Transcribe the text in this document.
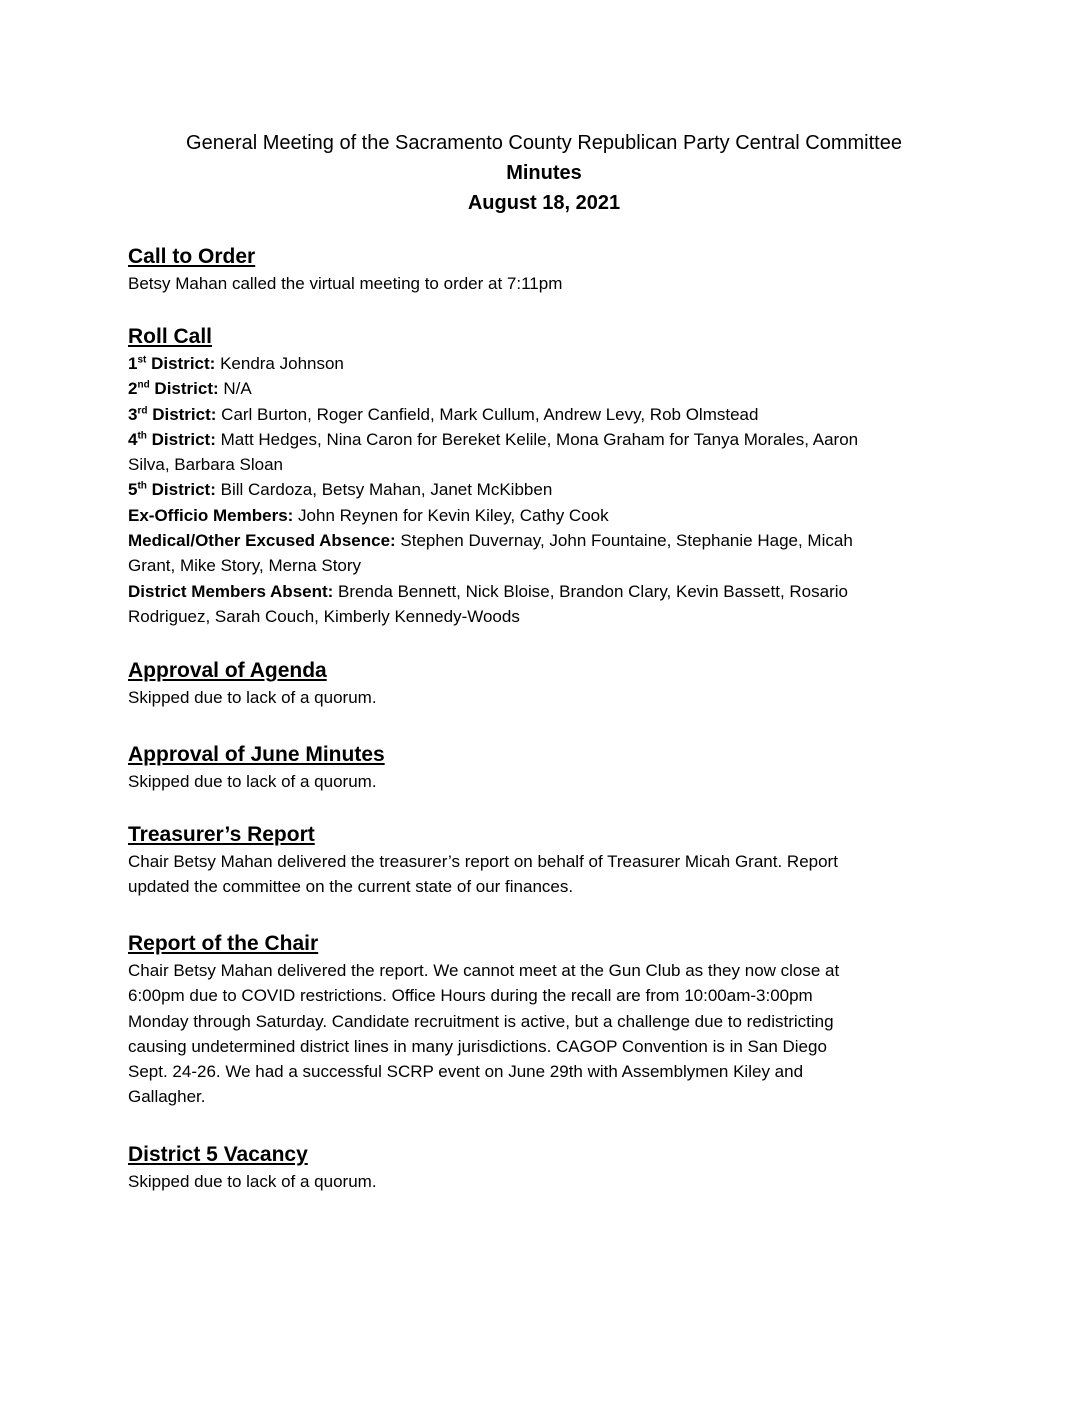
General Meeting of the Sacramento County Republican Party Central Committee
Minutes
August 18, 2021
Call to Order
Betsy Mahan called the virtual meeting to order at 7:11pm
Roll Call
1st District: Kendra Johnson
2nd District: N/A
3rd District: Carl Burton, Roger Canfield, Mark Cullum, Andrew Levy, Rob Olmstead
4th District: Matt Hedges, Nina Caron for Bereket Kelile, Mona Graham for Tanya Morales, Aaron
Silva, Barbara Sloan
5th District: Bill Cardoza, Betsy Mahan, Janet McKibben
Ex-Officio Members: John Reynen for Kevin Kiley, Cathy Cook
Medical/Other Excused Absence: Stephen Duvernay, John Fountaine, Stephanie Hage, Micah
Grant, Mike Story, Merna Story
District Members Absent: Brenda Bennett, Nick Bloise, Brandon Clary, Kevin Bassett, Rosario
Rodriguez, Sarah Couch, Kimberly Kennedy-Woods
Approval of Agenda
Skipped due to lack of a quorum.
Approval of June Minutes
Skipped due to lack of a quorum.
Treasurer’s Report
Chair Betsy Mahan delivered the treasurer’s report on behalf of Treasurer Micah Grant. Report
updated the committee on the current state of our finances.
Report of the Chair
Chair Betsy Mahan delivered the report. We cannot meet at the Gun Club as they now close at
6:00pm due to COVID restrictions. Office Hours during the recall are from 10:00am-3:00pm
Monday through Saturday. Candidate recruitment is active, but a challenge due to redistricting
causing undetermined district lines in many jurisdictions. CAGOP Convention is in San Diego
Sept. 24-26. We had a successful SCRP event on June 29th with Assemblymen Kiley and
Gallagher.
District 5 Vacancy
Skipped due to lack of a quorum.
